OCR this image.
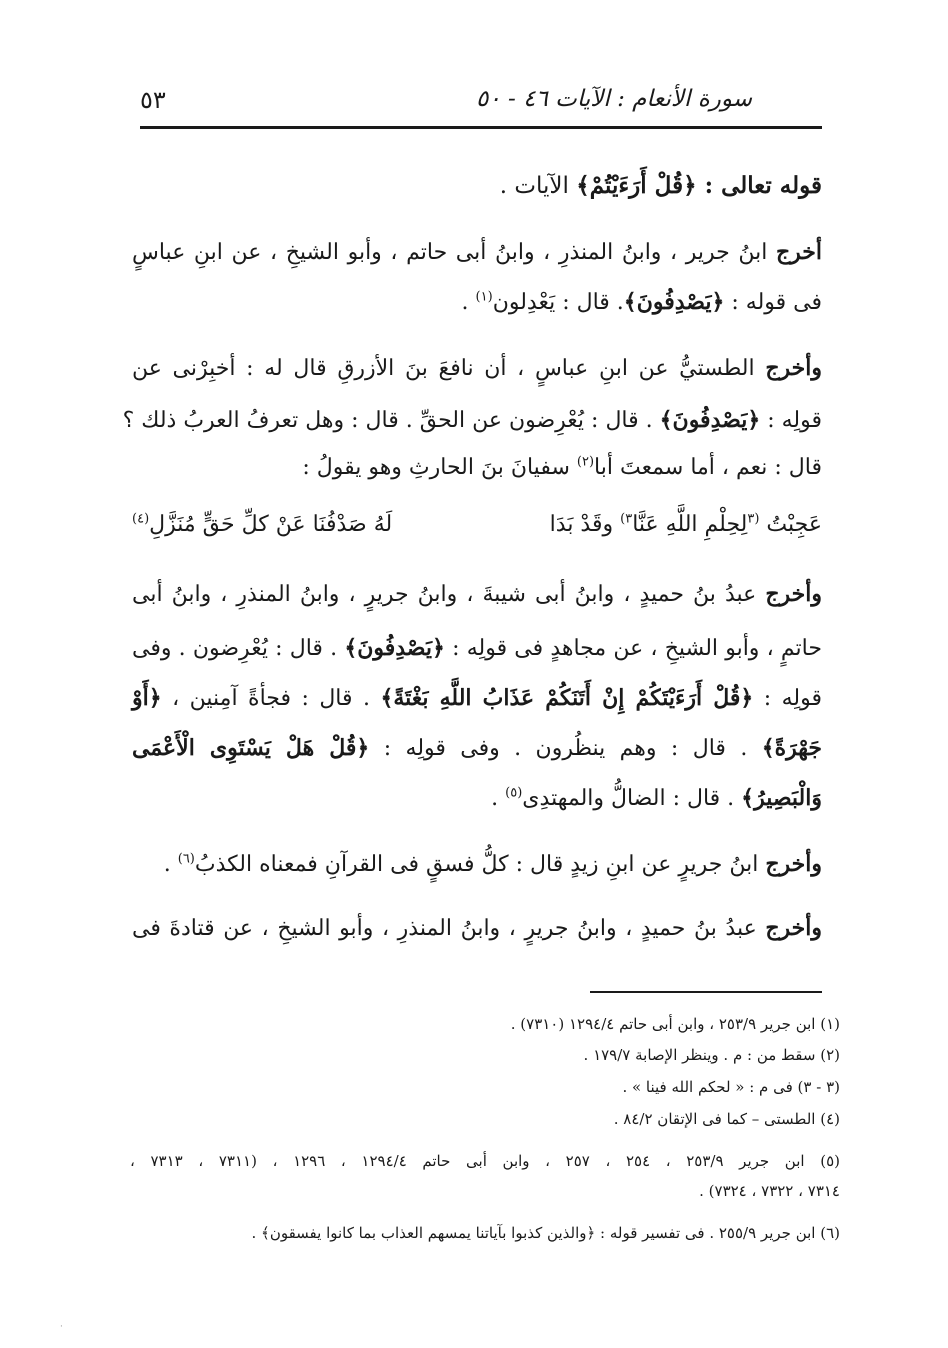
سورة الأنعام : الآيات ٤٦ - ٥٠
٥٣
قوله تعالى : ﴿قُلْ أَرَءَيْتُمْ﴾ الآيات .
أخرج ابنُ جرير ، وابنُ المنذرِ ، وابنُ أبى حاتم ، وأبو الشيخِ ، عن ابنِ عباسٍ
فى قوله : ﴿يَصْدِفُونَ﴾. قال : يَعْدِلون$^{(١)}$ .
وأخرج الطستيُّ عن ابنِ عباسٍ ، أن نافعَ بنَ الأزرقِ قال له : أخبِرْنى عن
قولِه : ﴿يَصْدِفُونَ﴾ . قال : يُعْرِضون عن الحقِّ . قال : وهل تعرفُ العربُ ذلك ؟
قال : نعم ، أما سمعتَ أبا$^{(٢)}$ سفيانَ بنَ الحارثِ وهو يقولُ :
عَجِبْتُ $^{(٣}$لِحِلْمِ اللَّهِ عَنَّا$^{٣)}$ وقَدْ بَدَا
لَهُ صَدْفُنَا عَنْ كلِّ حَقٍّ مُنَزَّلِ$^{(٤)}$
وأخرج عبدُ بنُ حميدٍ ، وابنُ أبى شيبةَ ، وابنُ جريرٍ ، وابنُ المنذرِ ، وابنُ أبى
حاتمٍ ، وأبو الشيخِ ، عن مجاهدٍ فى قولِه : ﴿يَصْدِفُونَ﴾ . قال : يُعْرِضون . وفى
قولِه : ﴿قُلْ أَرَءَيْتَكُمْ إِنْ أَتَنَكُمْ عَذَابُ اللَّهِ بَغْتَةً﴾ . قال : فجأةً آمِنين ، ﴿أَوْ
جَهْرَةً﴾ . قال : وهم ينظُرون . وفى قولِه : ﴿قُلْ هَلْ يَسْتَوِى الْأَعْمَى
وَالْبَصِيرُ﴾ . قال : الضالُّ والمهتدِى$^{(٥)}$ .
وأخرج ابنُ جريرٍ عن ابنِ زيدٍ قال : كلُّ فسقٍ فى القرآنِ فمعناه الكذبُ$^{(٦)}$ .
وأخرج عبدُ بنُ حميدٍ ، وابنُ جريرٍ ، وابنُ المنذرِ ، وأبو الشيخِ ، عن قتادةَ فى
(١) ابن جرير ٢٥٣/٩ ، وابن أبى حاتم ١٢٩٤/٤ (٧٣١٠) .
(٢) سقط من : م . وينظر الإصابة ١٧٩/٧ .
(٣ - ٣) فى م : « لحكم الله فينا » .
(٤) الطستى – كما فى الإتقان ٨٤/٢ .
(٥) ابن جرير ٢٥٣/٩ ، ٢٥٤ ، ٢٥٧ ، وابن أبى حاتم ١٢٩٤/٤ ، ١٢٩٦ ، (٧٣١١ ، ٧٣١٣ ،
٧٣١٤ ، ٧٣٢٢ ، ٧٣٢٤) .
(٦) ابن جرير ٢٥٥/٩ . فى تفسير قوله : ﴿والذين كذبوا بآياتنا يمسهم العذاب بما كانوا يفسقون﴾ .
·
